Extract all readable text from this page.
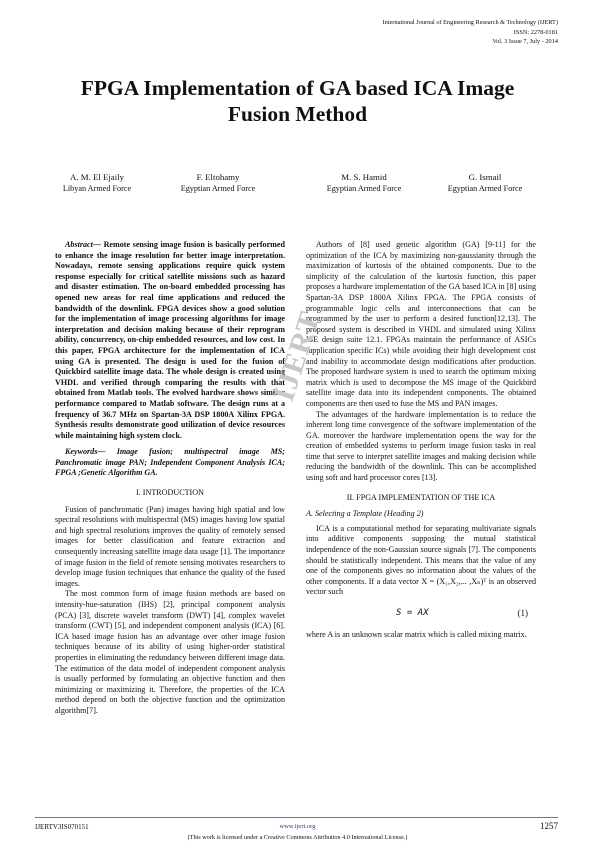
International Journal of Engineering Research & Technology (IJERT)
ISSN: 2278-0181
Vol. 3 Issue 7, July - 2014
FPGA Implementation of GA based ICA Image
Fusion Method
A. M. El Ejaily
Libyan Armed Force
F. Eltohamy
Egyptian Armed Force
M. S. Hamid
Egyptian Armed Force
G. Ismail
Egyptian Armed Force

Abstract— Remote sensing image fusion is basically performed to enhance the image resolution for better image interpretation. Nowadays, remote sensing applications require quick system response especially for critical satellite missions such as hazard and disaster estimation. The on-board embedded processing has opened new areas for real time applications and reduced the bandwidth of the downlink. FPGA devices show a good solution for the implementation of image processing algorithms for image interpretation and decision making because of their reprogram ability, concurrency, on-chip embedded resources, and low cost. In this paper, FPGA architecture for the implementation of ICA using GA is presented. The design is used for the fusion of Quickbird satellite image data. The whole design is created using VHDL and verified through comparing the results with that obtained from Matlab tools. The evolved hardware shows similar performance compared to Matlab software. The design runs at a frequency of 36.7 MHz on Spartan-3A DSP 1800A Xilinx FPGA. Synthesis results demonstrate good utilization of device resources while maintaining high system clock.

Keywords— Image fusion; multispectral image MS; Panchromatic image PAN; Independent Component Analysis ICA; FPGA ;Genetic Algorithm GA.

I. INTRODUCTION

Fusion of panchromatic (Pan) images having high spatial and low spectral resolutions with multispectral (MS) images having low spatial and high spectral resolutions improves the quality of remotely sensed images for better classification and feature extraction and consequently increasing satellite image data usage [1]. The importance of image fusion in the field of remote sensing motivates researchers to develop image fusion techniques that enhance the quality of the fused images.

The most common form of image fusion methods are based on intensity-hue-saturation (IHS) [2], principal component analysis (PCA) [3], discrete wavelet transform (DWT) [4], complex wavelet transform (CWT) [5], and independent component analysis (ICA) [6]. ICA based image fusion has an advantage over other image fusion techniques because of its ability of using higher-order statistical properties in eliminating the redundancy between different image data. The estimation of the data model of independent component analysis is usually performed by formulating an objective function and then minimizing or maximizing it. Therefore, the properties of the ICA method depend on both the objective function and the optimization algorithm[7].

Authors of [8] used genetic algorithm (GA) [9-11] for the optimization of the ICA by maximizing non-gaussianity through the maximization of kurtosis of the obtained components. Due to the simplicity of the calculation of the kurtosis function, this paper proposes a hardware implementation of the GA based ICA in [8] using Spartan-3A DSP 1800A Xilinx FPGA. The FPGA consists of programmable logic cells and interconnections that can be programmed by the user to perform a desired function[12,13]. The proposed system is described in VHDL and simulated using Xilinx ISE design suite 12.1. FPGAs maintain the performance of ASICs (application specific ICs) while avoiding their high development cost and inability to accommodate design modifications after production. The proposed hardware system is used to search the optimum mixing matrix which is used to decompose the MS image of the Quickbird satellite image data into its independent components. The obtained components are then used to fuse the MS and PAN images.

The advantages of the hardware implementation is to reduce the inherent long time convergence of the software implementation of the GA. moreover the hardware implementation opens the way for the creation of embedded systems to perform image fusion tasks in real time that serve to interpret satellite images and making decision while reducing the bandwidth of the downlink. This can be accomplished using soft and hard processor cores [13].

II. FPGA IMPLEMENTATION OF THE ICA

A. Selecting a Template (Heading 2)

ICA is a computational method for separating multivariate signals into additive components supposing the mutual statistical independence of the non-Gaussian source signals [7]. The components should be statistically independent. This means that the value of any one of the components gives no information about the values of the other components. If a data vector X = (X₁,X₂,... ,Xₙ)ᵀ is an observed vector such

S = AX	(1)

where A is an unknown scalar matrix which is called mixing matrix.

IJERT
IJERTV3IS070151	www.ijert.org	1257
(This work is licensed under a Creative Commons Attribution 4.0 International License.)
